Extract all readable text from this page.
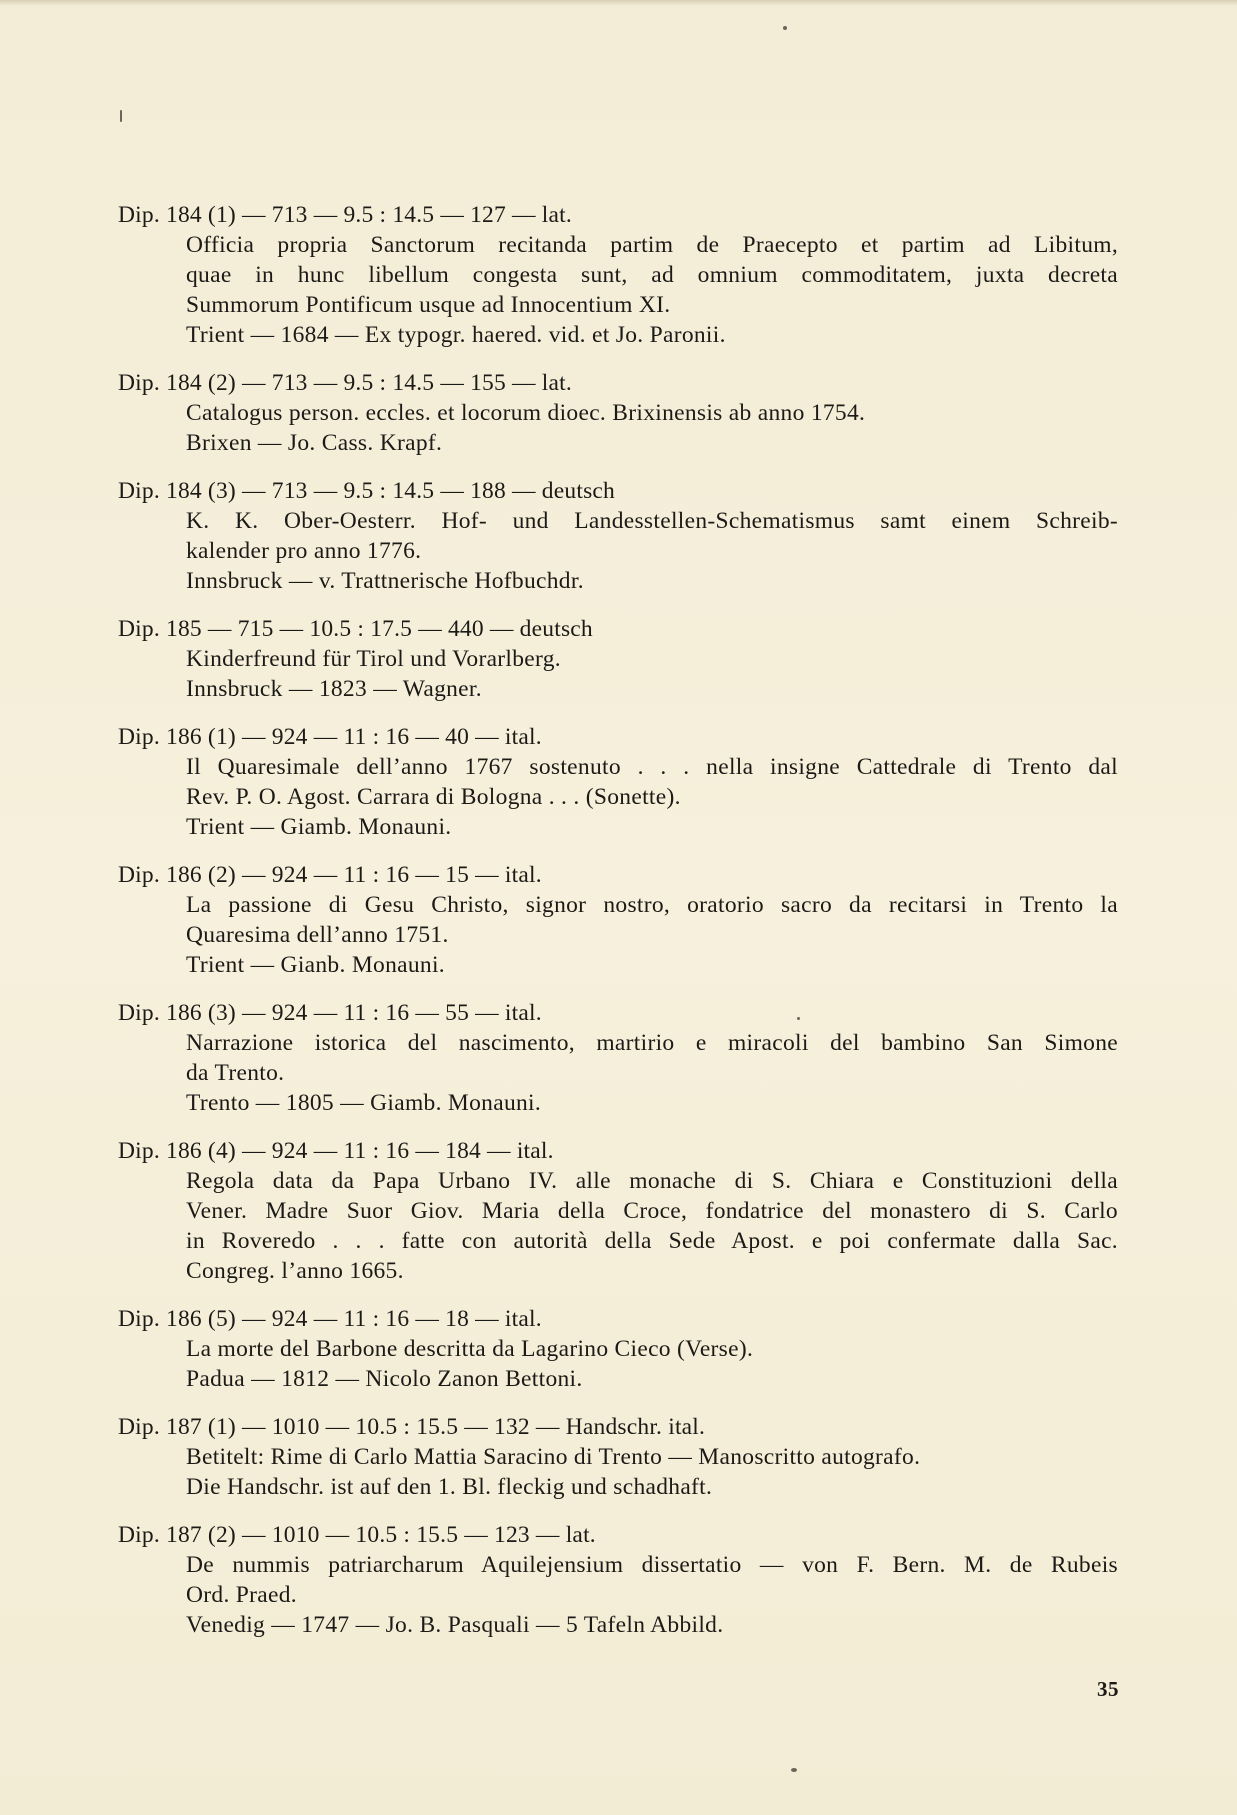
Dip. 184 (1) — 713 — 9.5 : 14.5 — 127 — lat.
Officia propria Sanctorum recitanda partim de Praecepto et partim ad Libitum,
quae in hunc libellum congesta sunt, ad omnium commoditatem, juxta decreta
Summorum Pontificum usque ad Innocentium XI.
Trient — 1684 — Ex typogr. haered. vid. et Jo. Paronii.
Dip. 184 (2) — 713 — 9.5 : 14.5 — 155 — lat.
Catalogus person. eccles. et locorum dioec. Brixinensis ab anno 1754.
Brixen — Jo. Cass. Krapf.
Dip. 184 (3) — 713 — 9.5 : 14.5 — 188 — deutsch
K. K. Ober-Oesterr. Hof- und Landesstellen-Schematismus samt einem Schreib-
kalender pro anno 1776.
Innsbruck — v. Trattnerische Hofbuchdr.
Dip. 185 — 715 — 10.5 : 17.5 — 440 — deutsch
Kinderfreund für Tirol und Vorarlberg.
Innsbruck — 1823 — Wagner.
Dip. 186 (1) — 924 — 11 : 16 — 40 — ital.
Il Quaresimale dell’anno 1767 sostenuto . . . nella insigne Cattedrale di Trento dal
Rev. P. O. Agost. Carrara di Bologna . . . (Sonette).
Trient — Giamb. Monauni.
Dip. 186 (2) — 924 — 11 : 16 — 15 — ital.
La passione di Gesu Christo, signor nostro, oratorio sacro da recitarsi in Trento la
Quaresima dell’anno 1751.
Trient — Gianb. Monauni.
Dip. 186 (3) — 924 — 11 : 16 — 55 — ital.
Narrazione istorica del nascimento, martirio e miracoli del bambino San Simone
da Trento.
Trento — 1805 — Giamb. Monauni.
Dip. 186 (4) — 924 — 11 : 16 — 184 — ital.
Regola data da Papa Urbano IV. alle monache di S. Chiara e Constituzioni della
Vener. Madre Suor Giov. Maria della Croce, fondatrice del monastero di S. Carlo
in Roveredo . . . fatte con autorità della Sede Apost. e poi confermate dalla Sac.
Congreg. l’anno 1665.
Dip. 186 (5) — 924 — 11 : 16 — 18 — ital.
La morte del Barbone descritta da Lagarino Cieco (Verse).
Padua — 1812 — Nicolo Zanon Bettoni.
Dip. 187 (1) — 1010 — 10.5 : 15.5 — 132 — Handschr. ital.
Betitelt: Rime di Carlo Mattia Saracino di Trento — Manoscritto autografo.
Die Handschr. ist auf den 1. Bl. fleckig und schadhaft.
Dip. 187 (2) — 1010 — 10.5 : 15.5 — 123 — lat.
De nummis patriarcharum Aquilejensium dissertatio — von F. Bern. M. de Rubeis
Ord. Praed.
Venedig — 1747 — Jo. B. Pasquali — 5 Tafeln Abbild.
35
